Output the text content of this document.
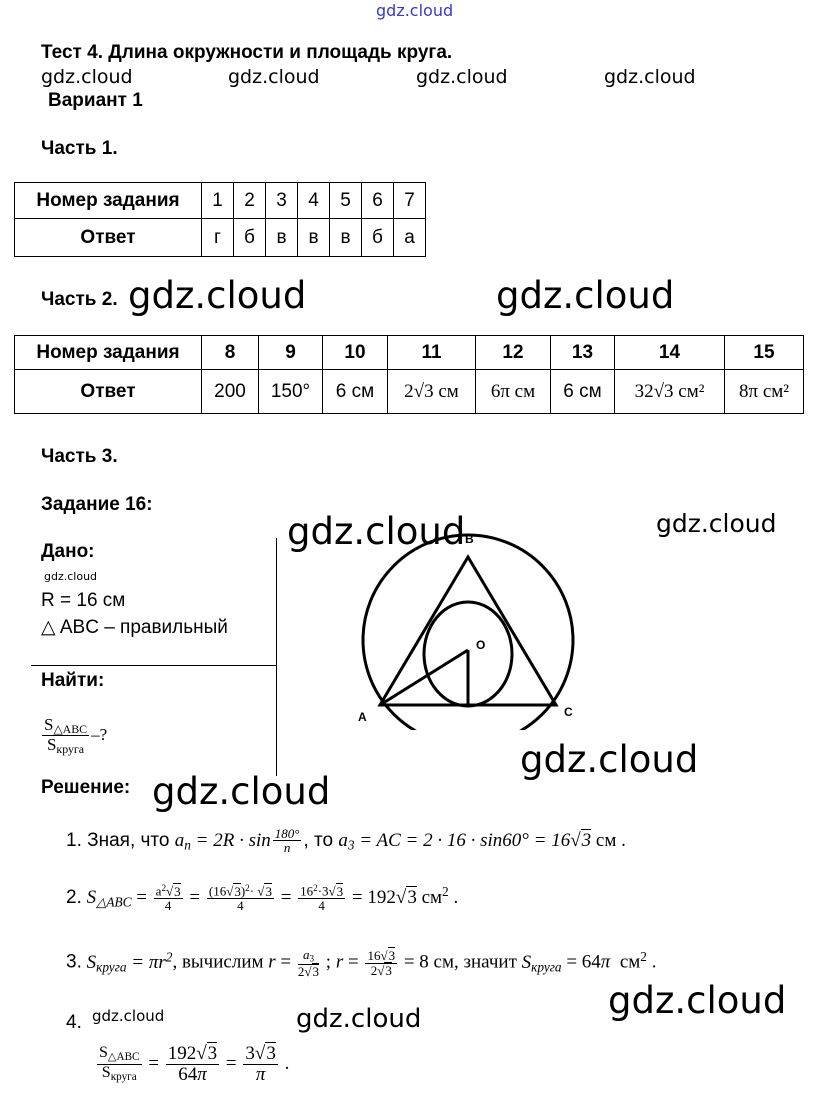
gdz.cloud
Тест 4. Длина окружности и площадь круга.
gdz.cloud	gdz.cloud	gdz.cloud	gdz.cloud
Вариант 1
Часть 1.
Номер задания	1	2	3	4	5	6	7
Ответ	г	б	в	в	в	б	а
Часть 2. gdz.cloud	gdz.cloud
Номер задания	8	9	10	11	12	13	14	15
Ответ	200	150°	6 см	2√3 см	6π см	6 см	32√3 см²	8π см²
Часть 3.
Задание 16:
Дано:
gdz.cloud
R = 16 см
△ ABC – правильный
Найти:
$\frac{S_{\triangle ABC}}{S_{круга}}$ –?
Решение:
gdz.cloud	gdz.cloud
gdz.cloud
gdz.cloud
B
A	C
O
1. Зная, что $a_n = 2R \cdot \sin \frac{180^\circ}{n}$ , то $a_3$ = AC = 2 · 16 · sin60° = 16√3 см .
2. $S_{\triangle ABC} = \frac{a^2√3}{4} = \frac{(16√3)^2\cdot √3}{4} = \frac{16^2\cdot 3√3}{4} = 192√3$ $см^2$ .
3. $S_{круга} = \pi r^2$, вычислим $r = \frac{a_3}{2√3}$ ; $r = \frac{16√3}{2√3} = 8$ см, значит $S_{круга} = 64\pi$  $см^2$ .
gdz.cloud
4. gdz.cloud	gdz.cloud
$\frac{S_{\triangle ABC}}{S_{круга}} = \frac{192√3}{64\pi} = \frac{3√3}{\pi}$ .
